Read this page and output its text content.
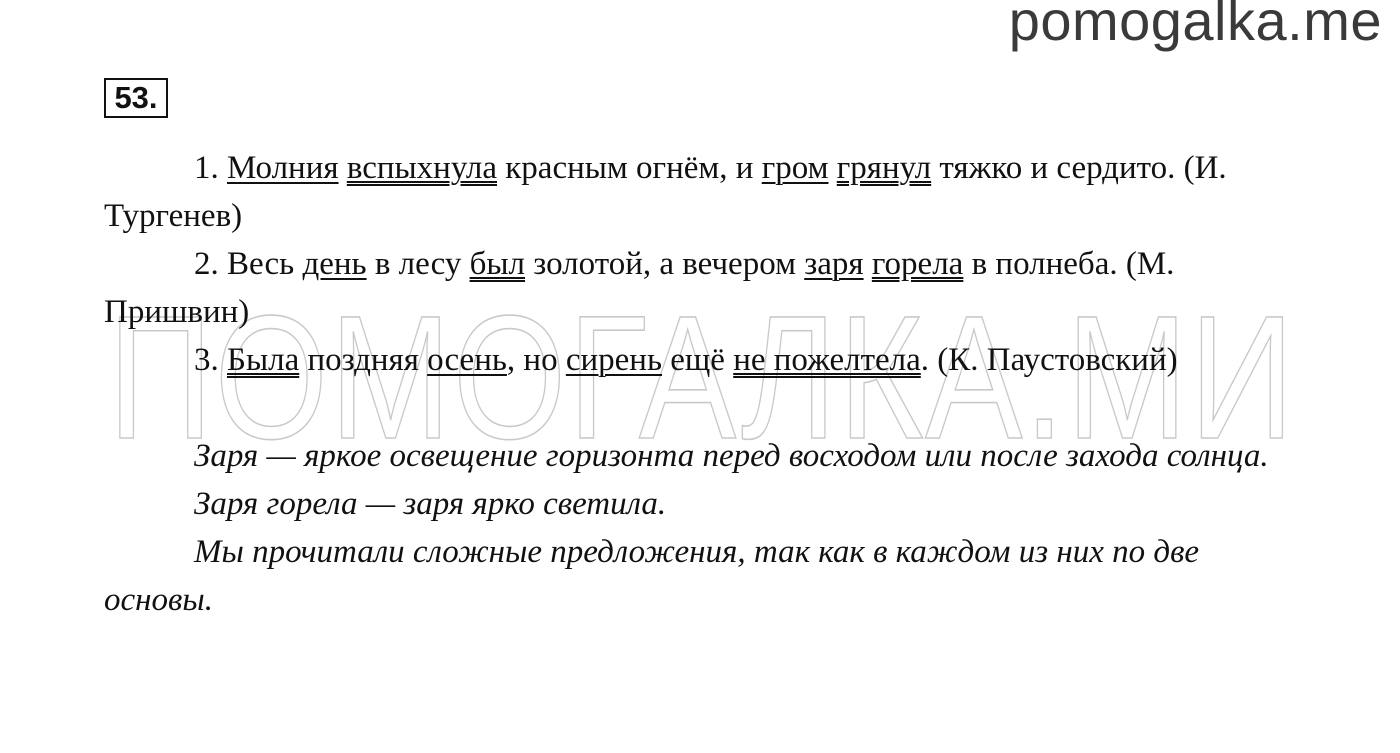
pomogalka.me
ПОМОГАЛКА.МИ
53.

1. Молния вспыхнула красным огнём, и гром грянул тяжко и сердито. (И. Тургенев)

2. Весь день в лесу был золотой, а вечером заря горела в полнеба. (М. Пришвин)

3. Была поздняя осень, но сирень ещё не пожелтела. (К. Паустовский)

Заря — яркое освещение горизонта перед восходом или после захода солнца.

Заря горела — заря ярко светила.

Мы прочитали сложные предложения, так как в каждом из них по две основы.
